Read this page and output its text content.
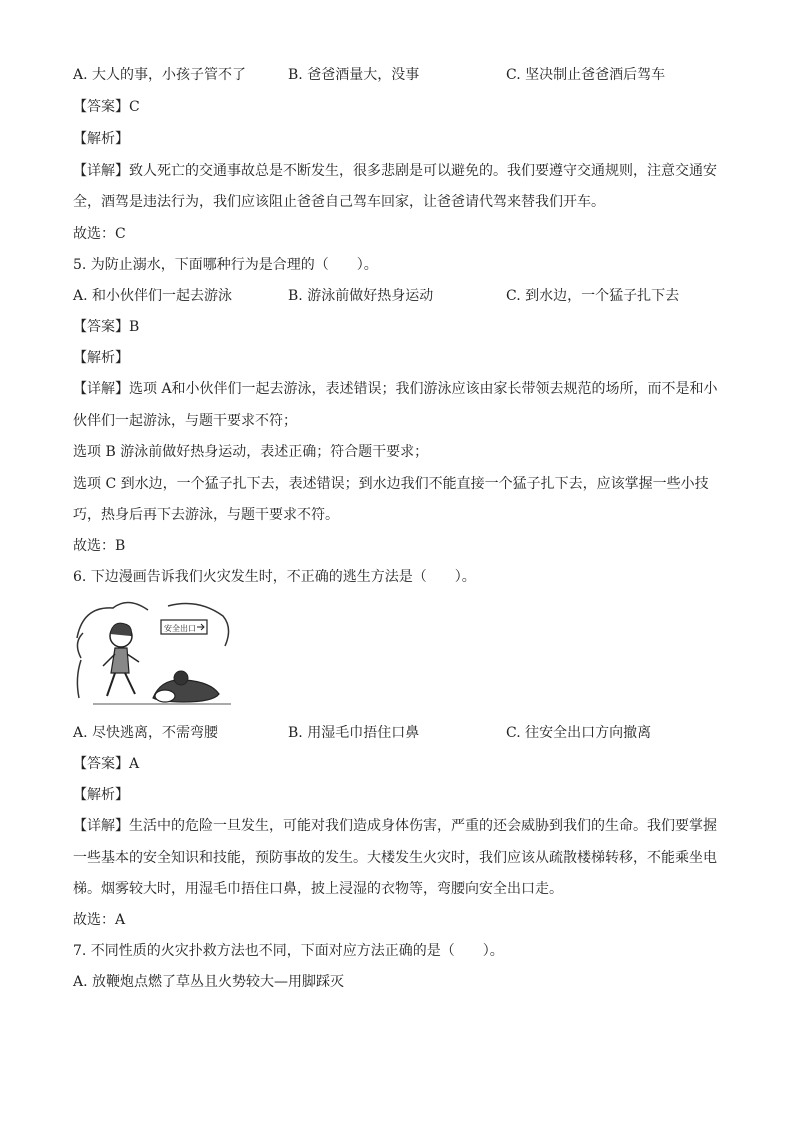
A. 大人的事，小孩子管不了	B. 爸爸酒量大，没事	C. 坚决制止爸爸酒后驾车
【答案】C
【解析】
【详解】致人死亡的交通事故总是不断发生，很多悲剧是可以避免的。我们要遵守交通规则，注意交通安
全，酒驾是违法行为，我们应该阻止爸爸自己驾车回家，让爸爸请代驾来替我们开车。
故选：C
5. 为防止溺水，下面哪种行为是合理的（　　）。
A. 和小伙伴们一起去游泳	B. 游泳前做好热身运动	C. 到水边，一个猛子扎下去
【答案】B
【解析】
【详解】选项 A和小伙伴们一起去游泳，表述错误；我们游泳应该由家长带领去规范的场所，而不是和小
伙伴们一起游泳，与题干要求不符；
选项 B 游泳前做好热身运动，表述正确；符合题干要求；
选项 C 到水边，一个猛子扎下去，表述错误；到水边我们不能直接一个猛子扎下去，应该掌握一些小技
巧，热身后再下去游泳，与题干要求不符。
故选：B
6. 下边漫画告诉我们火灾发生时，不正确的逃生方法是（　　）。
安全出口
A. 尽快逃离，不需弯腰	B. 用湿毛巾捂住口鼻	C. 往安全出口方向撤离
【答案】A
【解析】
【详解】生活中的危险一旦发生，可能对我们造成身体伤害，严重的还会威胁到我们的生命。我们要掌握
一些基本的安全知识和技能，预防事故的发生。大楼发生火灾时，我们应该从疏散楼梯转移，不能乘坐电
梯。烟雾较大时，用湿毛巾捂住口鼻，披上浸湿的衣物等，弯腰向安全出口走。
故选：A
7. 不同性质的火灾扑救方法也不同，下面对应方法正确的是（　　）。
A. 放鞭炮点燃了草丛且火势较大—用脚踩灭
